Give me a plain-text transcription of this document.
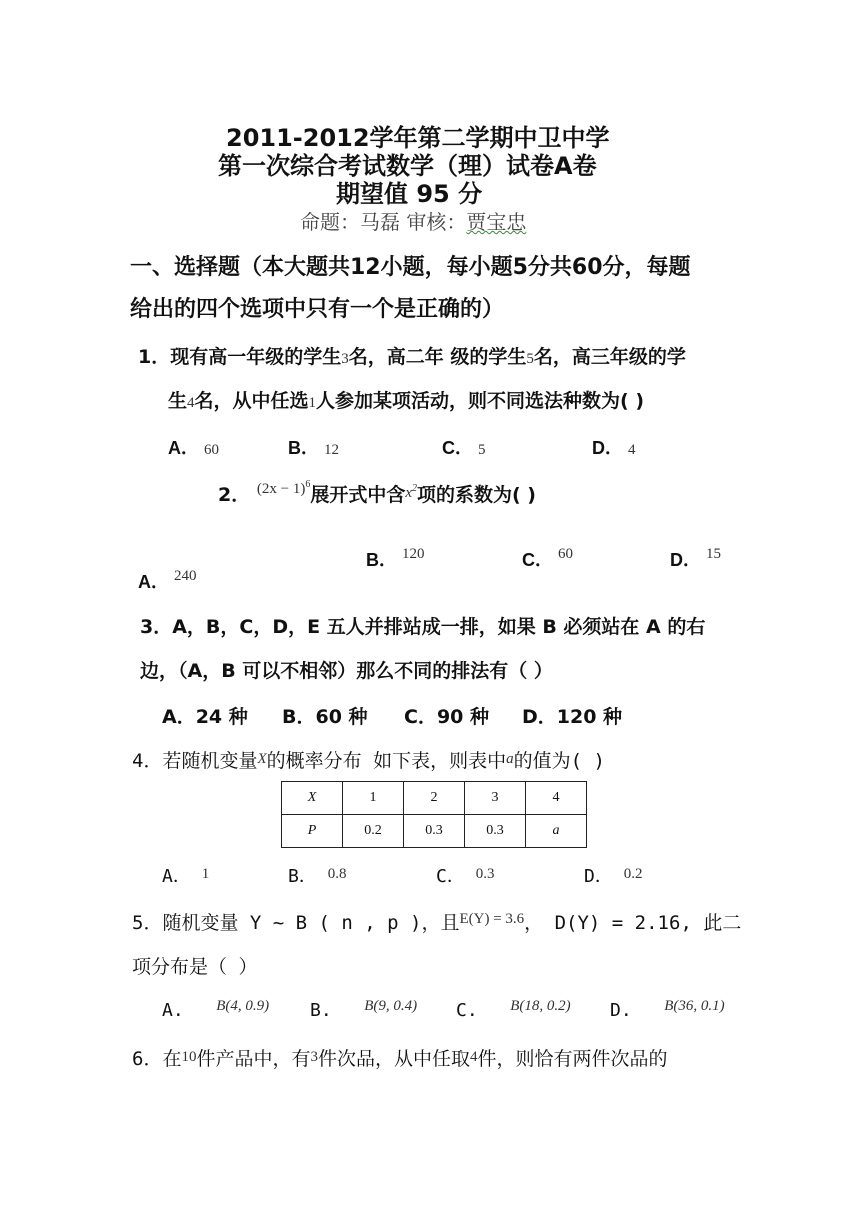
2011-2012学年第二学期中卫中学
第一次综合考试数学（理）试卷A卷
期望值 95 分
命题：马磊 审核：贾宝忠
一、选择题（本大题共12小题，每小题5分共60分，每题
给出的四个选项中只有一个是正确的）
1．现有高一年级的学生3名，高二年 级的学生5名，高三年级的学
生4名，从中任选1人参加某项活动，则不同选法种数为( )
A． 60	B． 12	C． 5	D． 4
2． $^{(2x - 1)^6}$展开式中含$^{x^2}$项的系数为( )
A． $^{240}$
B． $^{120}$	C． $^{60}$	D． $^{15}$
3．A，B，C，D，E 五人并排站成一排，如果 B 必须站在 A 的右
边，（A，B 可以不相邻）那么不同的排法有（ ）
A．24 种 B．60 种 C．90 种 D．120 种
4．若随机变量$^X$的概率分布 如下表，则表中$^a$的值为( )
X	1	2	3	4
P	0.2	0.3	0.3	a
A． $^1$	B． $^{0.8}$	C． $^{0.3}$	D． $^{0.2}$
5．随机变量 Y ~ B ( n , p )，且$^{E(Y) = 3.6}$， D(Y) = 2.16, 此二
项分布是（ ）
A. $^{B(4, 0.9)}$ B. $^{B(9, 0.4)}$ C. $^{B(18, 0.2)}$ D. $^{B(36, 0.1)}$
6．在$^{10}$件产品中，有$^3$件次品，从中任取$^4$件，则恰有两件次品的
